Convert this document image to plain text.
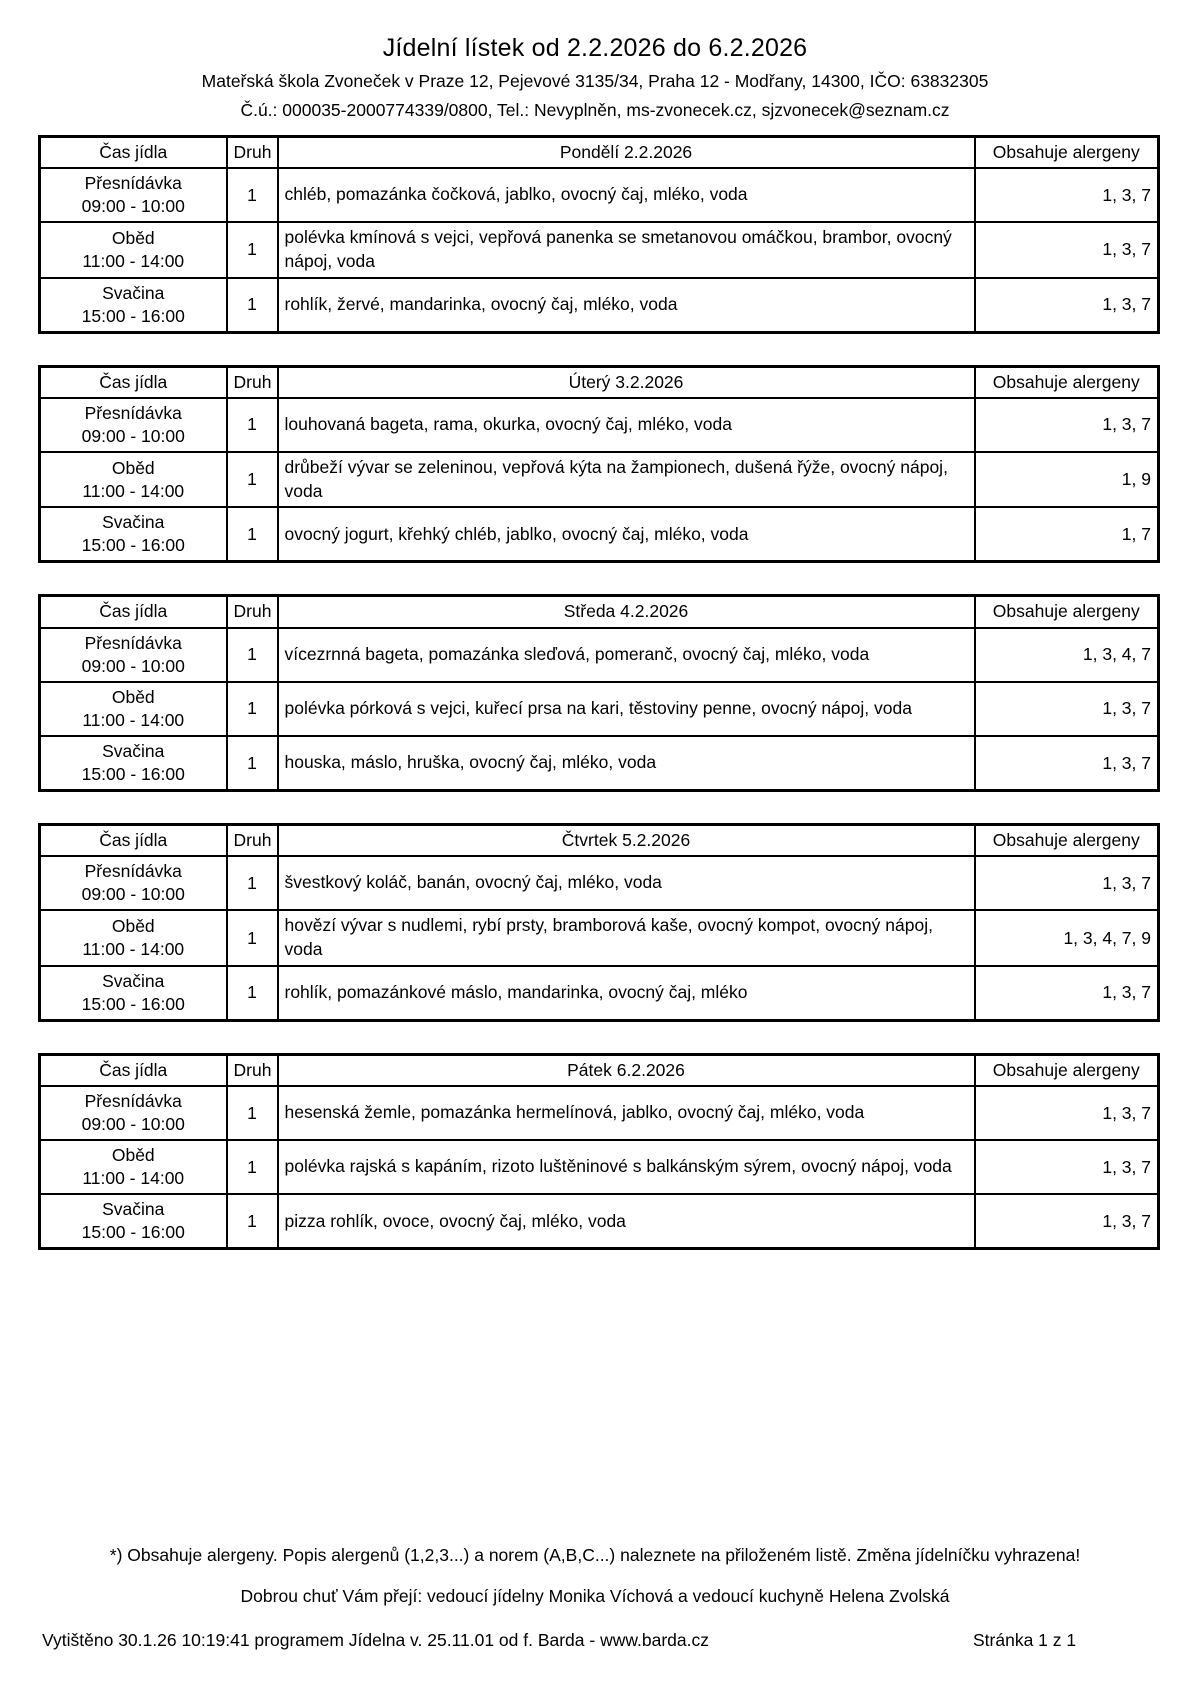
Jídelní lístek od 2.2.2026 do 6.2.2026
Mateřská škola Zvoneček v Praze 12, Pejevové 3135/34, Praha 12 - Modřany, 14300, IČO: 63832305
Č.ú.: 000035-2000774339/0800, Tel.: Nevyplněn, ms-zvonecek.cz, sjzvonecek@seznam.cz
Čas jídla	Druh	Pondělí 2.2.2026	Obsahuje alergeny

Přesnídávka
09:00 - 10:00	1	chléb, pomazánka čočková, jablko, ovocný čaj, mléko, voda	1, 3, 7

Oběd
11:00 - 14:00	1	polévka kmínová s vejci, vepřová panenka se smetanovou omáčkou, brambor, ovocný nápoj, voda	1, 3, 7

Svačina
15:00 - 16:00	1	rohlík, žervé, mandarinka, ovocný čaj, mléko, voda	1, 3, 7
Čas jídla	Druh	Úterý 3.2.2026	Obsahuje alergeny

Přesnídávka
09:00 - 10:00	1	louhovaná bageta, rama, okurka, ovocný čaj, mléko, voda	1, 3, 7

Oběd
11:00 - 14:00	1	drůbeží vývar se zeleninou, vepřová kýta na žampionech, dušená řýže, ovocný nápoj, voda	1, 9

Svačina
15:00 - 16:00	1	ovocný jogurt, křehký chléb, jablko, ovocný čaj, mléko, voda	1, 7
Čas jídla	Druh	Středa 4.2.2026	Obsahuje alergeny

Přesnídávka
09:00 - 10:00	1	vícezrnná bageta, pomazánka sleďová, pomeranč, ovocný čaj, mléko, voda	1, 3, 4, 7

Oběd
11:00 - 14:00	1	polévka pórková s vejci, kuřecí prsa na kari, těstoviny penne, ovocný nápoj, voda	1, 3, 7

Svačina
15:00 - 16:00	1	houska, máslo, hruška, ovocný čaj, mléko, voda	1, 3, 7
Čas jídla	Druh	Čtvrtek 5.2.2026	Obsahuje alergeny

Přesnídávka
09:00 - 10:00	1	švestkový koláč, banán, ovocný čaj, mléko, voda	1, 3, 7

Oběd
11:00 - 14:00	1	hovězí vývar s nudlemi, rybí prsty, bramborová kaše, ovocný kompot, ovocný nápoj, voda	1, 3, 4, 7, 9

Svačina
15:00 - 16:00	1	rohlík, pomazánkové máslo, mandarinka, ovocný čaj, mléko	1, 3, 7
Čas jídla	Druh	Pátek 6.2.2026	Obsahuje alergeny

Přesnídávka
09:00 - 10:00	1	hesenská žemle, pomazánka hermelínová, jablko, ovocný čaj, mléko, voda	1, 3, 7

Oběd
11:00 - 14:00	1	polévka rajská s kapáním, rizoto luštěninové s balkánským sýrem, ovocný nápoj, voda	1, 3, 7

Svačina
15:00 - 16:00	1	pizza rohlík, ovoce, ovocný čaj, mléko, voda	1, 3, 7
*) Obsahuje alergeny. Popis alergenů (1,2,3...) a norem (A,B,C...) naleznete na přiloženém listě. Změna jídelníčku vyhrazena!
Dobrou chuť Vám přejí: vedoucí jídelny Monika Víchová a vedoucí kuchyně Helena Zvolská
Vytištěno 30.1.26 10:19:41 programem Jídelna v. 25.11.01 od f. Barda - www.barda.cz	Stránka 1 z 1
